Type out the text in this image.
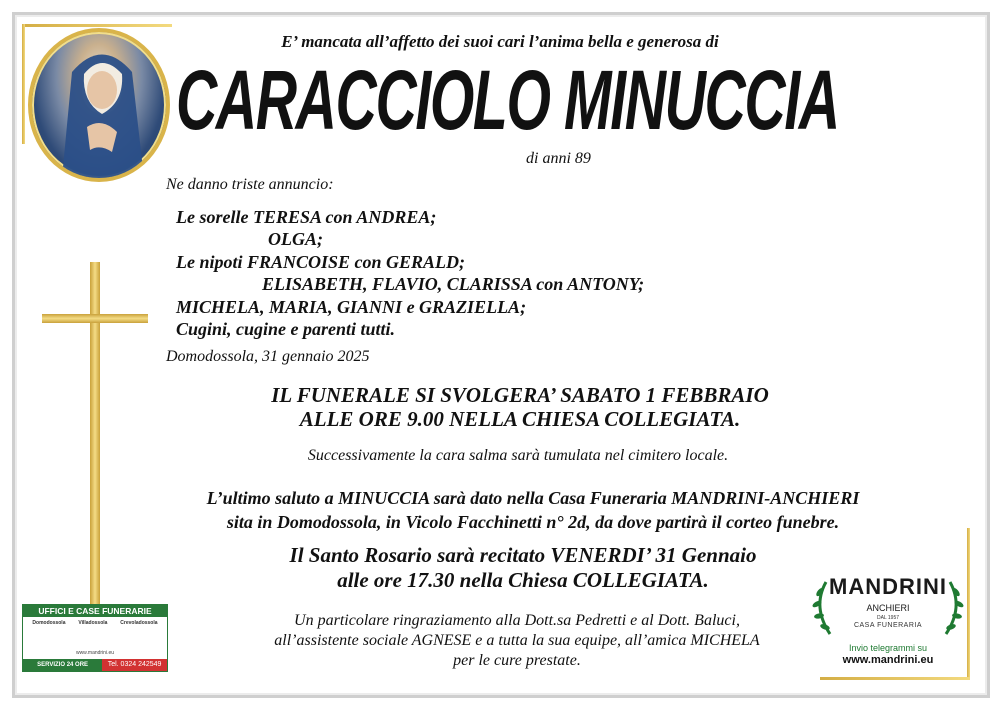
E’ mancata all’affetto dei suoi cari l’anima bella e generosa di
CARACCIOLO MINUCCIA
di anni 89
Ne danno triste annuncio:
Le sorelle TERESA con ANDREA;
OLGA;
Le nipoti FRANCOISE con GERALD;
ELISABETH, FLAVIO, CLARISSA con ANTONY;
MICHELA, MARIA, GIANNI e GRAZIELLA;
Cugini, cugine e parenti tutti.
Domodossola, 31 gennaio 2025
IL FUNERALE SI SVOLGERA’ SABATO 1 FEBBRAIO
ALLE ORE 9.00 NELLA CHIESA COLLEGIATA.
Successivamente la cara salma sarà tumulata nel cimitero locale.
L’ultimo saluto a MINUCCIA sarà dato nella Casa Funeraria MANDRINI-ANCHIERI
sita in Domodossola, in Vicolo Facchinetti n° 2d, da dove partirà il corteo funebre.
Il Santo Rosario sarà recitato VENERDI’ 31 Gennaio
alle ore 17.30 nella Chiesa COLLEGIATA.
Un particolare ringraziamento alla Dott.sa Pedretti e al Dott. Baluci,
all’assistente sociale AGNESE e a tutta la sua equipe, all’amica MICHELA
per le cure prestate.
UFFICI E CASE FUNERARIE
Domodossola	Villadossola	Crevoladossola
www.mandrini.eu
SERVIZIO 24 ORE	Tel. 0324 242549
MANDRINI
ANCHIERI
DAL 1957
CASA FUNERARIA
Invio telegrammi su
www.mandrini.eu
